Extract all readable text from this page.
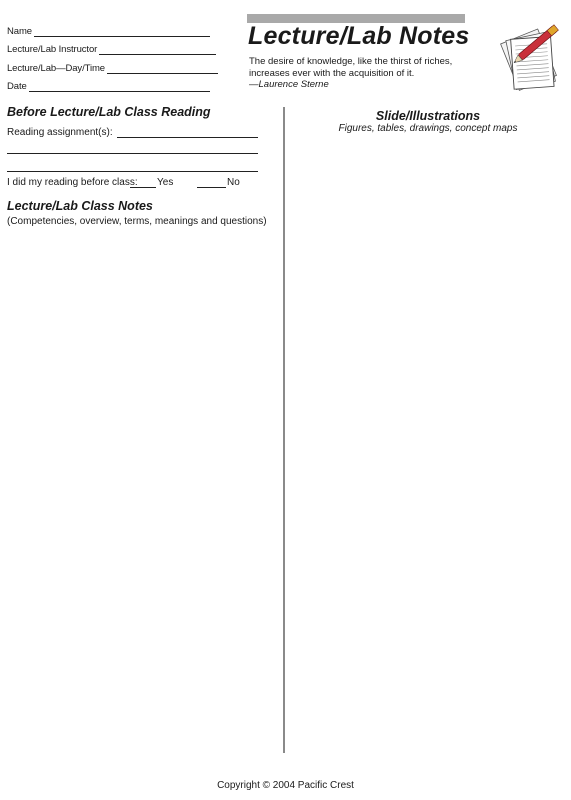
Name
Lecture/Lab Instructor
Lecture/Lab—Day/Time
Date
Lecture/Lab Notes
The desire of knowledge, like the thirst of riches, increases ever with the acquisition of it.
—Laurence Sterne
Before Lecture/Lab Class Reading
Reading assignment(s):
I did my reading before class: Yes	No
Lecture/Lab Class Notes
(Competencies, overview, terms, meanings and questions)
Slide/Illustrations
Figures, tables, drawings, concept maps
Copyright © 2004 Pacific Crest
